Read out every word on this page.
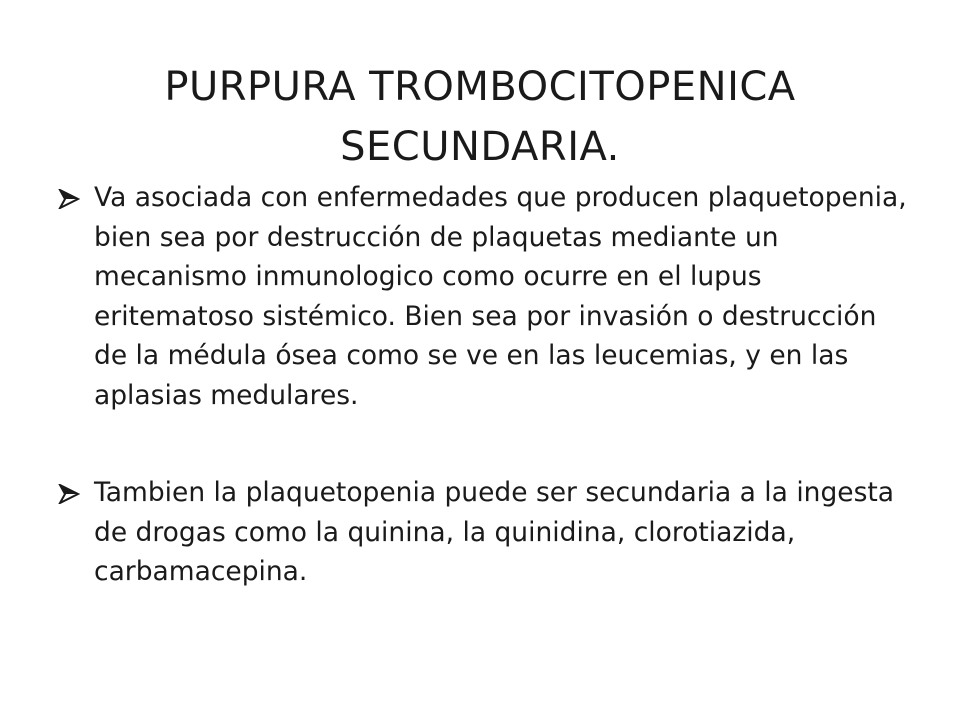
PURPURA TROMBOCITOPENICA
SECUNDARIA.
Va asociada con enfermedades que producen plaquetopenia, bien sea por destrucción de plaquetas mediante un mecanismo inmunologico como ocurre en el lupus eritematoso sistémico. Bien sea por invasión o destrucción de la médula ósea como se ve en las leucemias, y en las aplasias medulares.
Tambien la plaquetopenia puede ser secundaria a la ingesta de drogas como la quinina, la quinidina, clorotiazida, carbamacepina.
